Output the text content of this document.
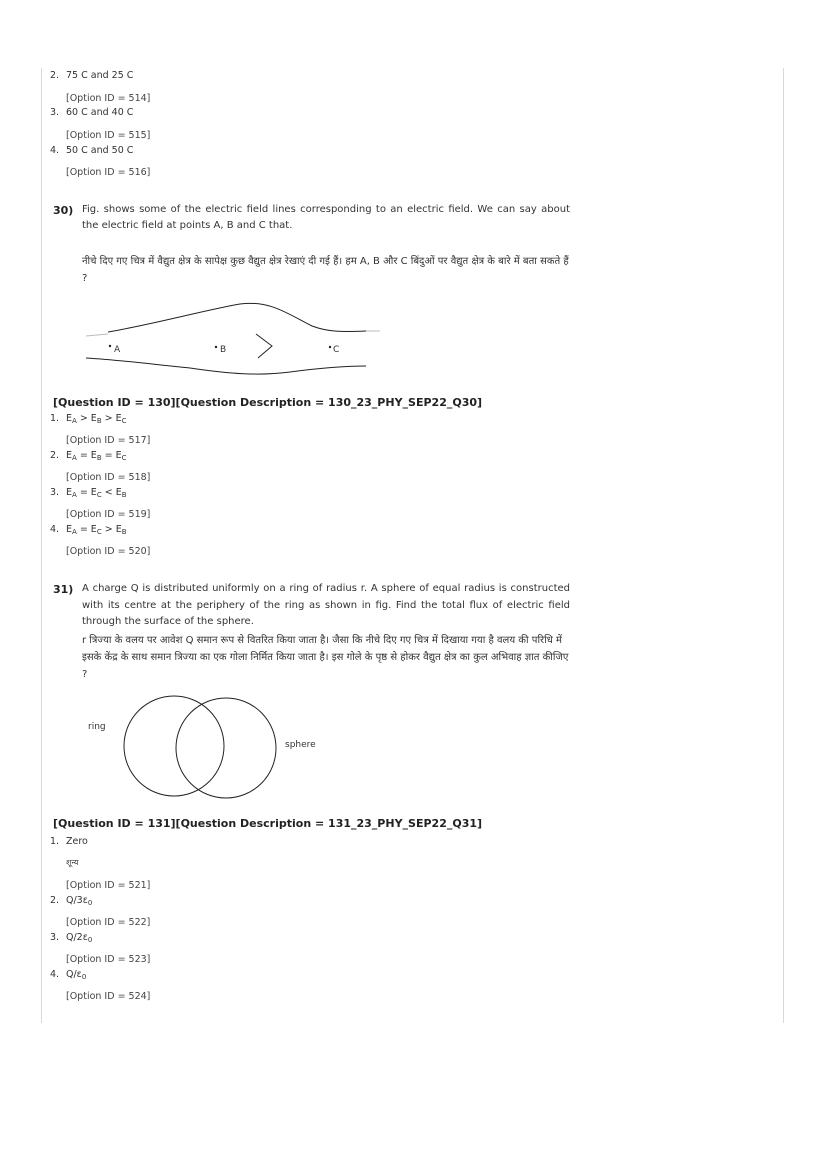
2. 75 C and 25 C
[Option ID = 514]
3. 60 C and 40 C
[Option ID = 515]
4. 50 C and 50 C
[Option ID = 516]
30) Fig. shows some of the electric field lines corresponding to an electric field. We can say about the electric field at points A, B and C that.
नीचे दिए गए चित्र में वैद्युत क्षेत्र के सापेक्ष कुछ वैद्युत क्षेत्र रेखाएं दी गई हैं। हम A, B और C बिंदुओं पर वैद्युत क्षेत्र के बारे में बता सकते हैं ?
A	B	C
[Question ID = 130][Question Description = 130_23_PHY_SEP22_Q30]
1. $E_A > E_B > E_C$
[Option ID = 517]
2. $E_A = E_B = E_C$
[Option ID = 518]
3. $E_A = E_C < E_B$
[Option ID = 519]
4. $E_A = E_C > E_B$
[Option ID = 520]
31) A charge Q is distributed uniformly on a ring of radius r. A sphere of equal radius is constructed with its centre at the periphery of the ring as shown in fig. Find the total flux of electric field through the surface of the sphere.
r त्रिज्या के वलय पर आवेश Q समान रूप से वितरित किया जाता है। जैसा कि नीचे दिए गए चित्र में दिखाया गया है वलय की परिधि में इसके केंद्र के साथ समान त्रिज्या का एक गोला निर्मित किया जाता है। इस गोले के पृष्ठ से होकर वैद्युत क्षेत्र का कुल अभिवाह ज्ञात कीजिए ?
ring
sphere
[Question ID = 131][Question Description = 131_23_PHY_SEP22_Q31]
1. Zero
शून्य
[Option ID = 521]
2. $Q/3\varepsilon_0$
[Option ID = 522]
3. $Q/2\varepsilon_0$
[Option ID = 523]
4. $Q/\varepsilon_0$
[Option ID = 524]
